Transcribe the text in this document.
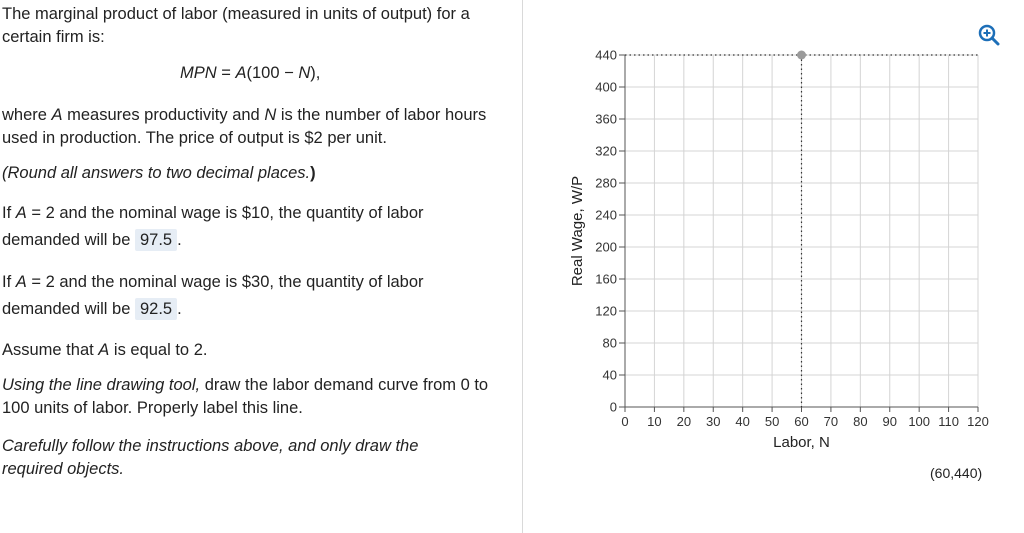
The marginal product of labor (measured in units of output) for a certain firm is:

MPN = A(100 − N),

where A measures productivity and N is the number of labor hours used in production. The price of output is $2 per unit.

(Round all answers to two decimal places.)

If A = 2 and the nominal wage is $10, the quantity of labor demanded will be 97.5 .

If A = 2 and the nominal wage is $30, the quantity of labor demanded will be 92.5 .

Assume that A is equal to 2.

Using the line drawing tool, draw the labor demand curve from 0 to 100 units of labor. Properly label this line.

Carefully follow the instructions above, and only draw the required objects.

0 10 20 30 40 50 60 70 80 90 100 110 120
0
40
80
120
160
200
240
280
320
360
400
440
Labor, N
Real Wage, W/P
(60,440)
